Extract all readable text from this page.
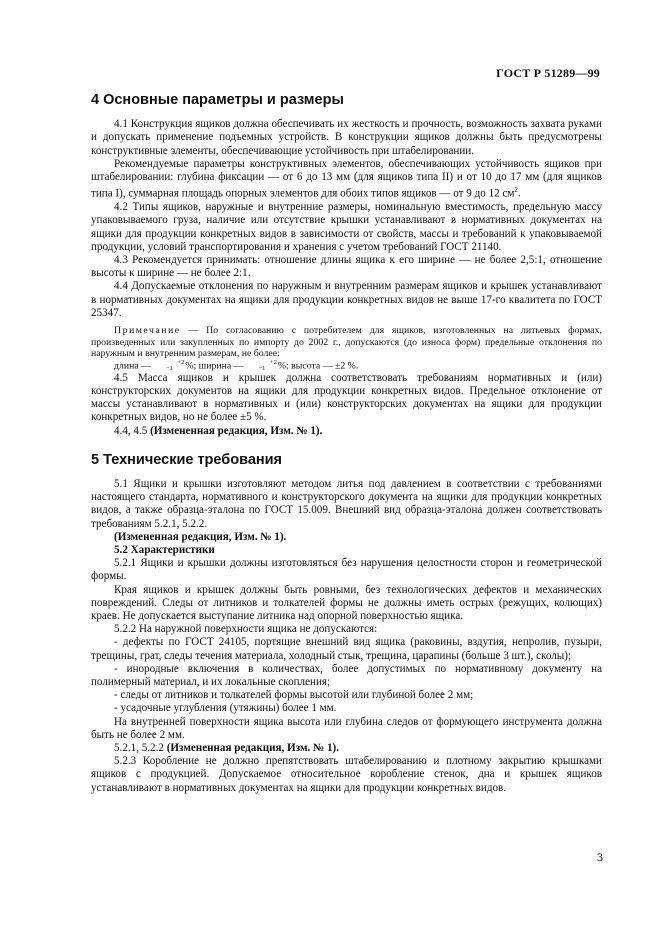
ГОСТ Р 51289—99
4 Основные параметры и размеры

4.1 Конструкция ящиков должна обеспечивать их жесткость и прочность, возможность захвата руками и допускать применение подъемных устройств. В конструкции ящиков должны быть предусмотрены конструктивные элементы, обеспечивающие устойчивость при штабелировании.

Рекомендуемые параметры конструктивных элементов, обеспечивающих устойчивость ящиков при штабелировании: глубина фиксации — от 6 до 13 мм (для ящиков типа II) и от 10 до 17 мм (для ящиков типа I), суммарная площадь опорных элементов для обоих типов ящиков — от 9 до 12 $см^2$.

4.2 Типы ящиков, наружные и внутренние размеры, номинальную вместимость, предельную массу упаковываемого груза, наличие или отсутствие крышки устанавливают в нормативных документах на ящики для продукции конкретных видов в зависимости от свойств, массы и требований к упаковываемой продукции, условий транспортирования и хранения с учетом требований ГОСТ 21140.

4.3 Рекомендуется принимать: отношение длины ящика к его ширине — не более 2,5:1, отношение высоты к ширине — не более 2:1.

4.4 Допускаемые отклонения по наружным и внутренним размерам ящиков и крышек устанавливают в нормативных документах на ящики для продукции конкретных видов не выше 17-го квалитета по ГОСТ 25347.

Примечание — По согласованию с потребителем для ящиков, изготовленных на литьевых формах, произведенных или закупленных по импорту до 2002 г., допускаются (до износа форм) предельные отклонения по наружным и внутренним размерам, не более:

длина —	+2
−1 %; ширина —	+2
−1 %; высота — ±2 %.

4.5 Масса ящиков и крышек должна соответствовать требованиям нормативных и (или) конструкторских документов на ящики для продукции конкретных видов. Предельное отклонение от массы устанавливают в нормативных и (или) конструкторских документах на ящики для продукции конкретных видов, но не более ±5 %.

4.4, 4.5 (Измененная редакция, Изм. № 1).

5 Технические требования

5.1 Ящики и крышки изготовляют методом литья под давлением в соответствии с требованиями настоящего стандарта, нормативного и конструкторского документа на ящики для продукции конкретных видов, а также образца-эталона по ГОСТ 15.009. Внешний вид образца-эталона должен соответствовать требованиям 5.2.1, 5.2.2.

(Измененная редакция, Изм. № 1).

5.2 Характеристики

5.2.1 Ящики и крышки должны изготовляться без нарушения целостности сторон и геометрической формы.

Края ящиков и крышек должны быть ровными, без технологических дефектов и механических повреждений. Следы от литников и толкателей формы не должны иметь острых (режущих, колющих) краев. Не допускается выступание литника над опорной поверхностью ящика.

5.2.2 На наружной поверхности ящика не допускаются:

- дефекты по ГОСТ 24105, портящие внешний вид ящика (раковины, вздутия, непролив, пузыри, трещины, грат, следы течения материала, холодный стык, трещина, царапины (больше 3 шт.), сколы);

- инородные включения в количествах, более допустимых по нормативному документу на полимерный материал, и их локальные скопления;

- следы от литников и толкателей формы высотой или глубиной более 2 мм;

- усадочные углубления (утяжины) более 1 мм.

На внутренней поверхности ящика высота или глубина следов от формующего инструмента должна быть не более 2 мм.

5.2.1, 5.2.2 (Измененная редакция, Изм. № 1).

5.2.3 Коробление не должно препятствовать штабелированию и плотному закрытию крышками ящиков с продукцией. Допускаемое относительное коробление стенок, дна и крышек ящиков устанавливают в нормативных документах на ящики для продукции конкретных видов.

3
